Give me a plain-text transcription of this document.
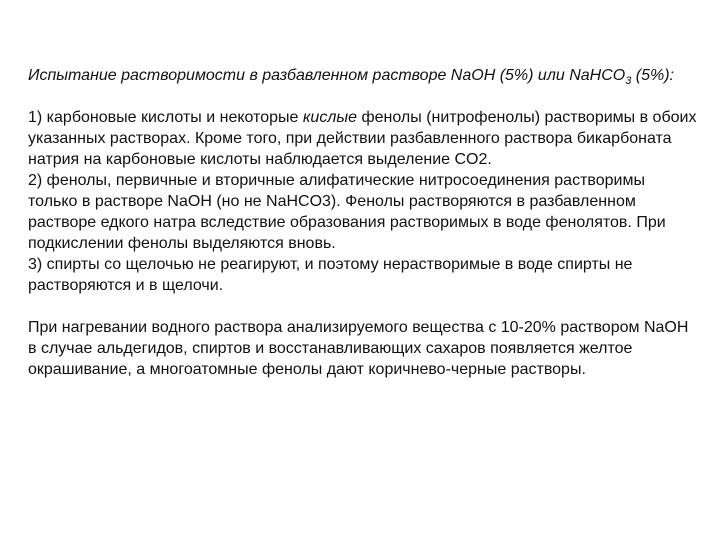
Испытание растворимости в разбавленном растворе NaOH (5%) или NaHCO$_3$ (5%):

1) карбоновые кислоты и некоторые кислые фенолы (нитрофенолы) растворимы в обоих указанных растворах. Кроме того, при действии разбавленного раствора бикарбоната натрия на карбоновые кислоты наблюдается выделение CO2.

2) фенолы, первичные и вторичные алифатические нитросоединения растворимы только в растворе NaOH (но не NaHCO3). Фенолы растворяются в разбавленном растворе едкого натра вследствие образования растворимых в воде фенолятов. При подкислении фенолы выделяются вновь.

3) спирты со щелочью не реагируют, и поэтому нерастворимые в воде спирты не растворяются и в щелочи.

При нагревании водного раствора анализируемого вещества с 10-20% раствором NaOH в случае альдегидов, спиртов и восстанавливающих сахаров появляется желтое окрашивание, а многоатомные фенолы дают коричнево-черные растворы.
